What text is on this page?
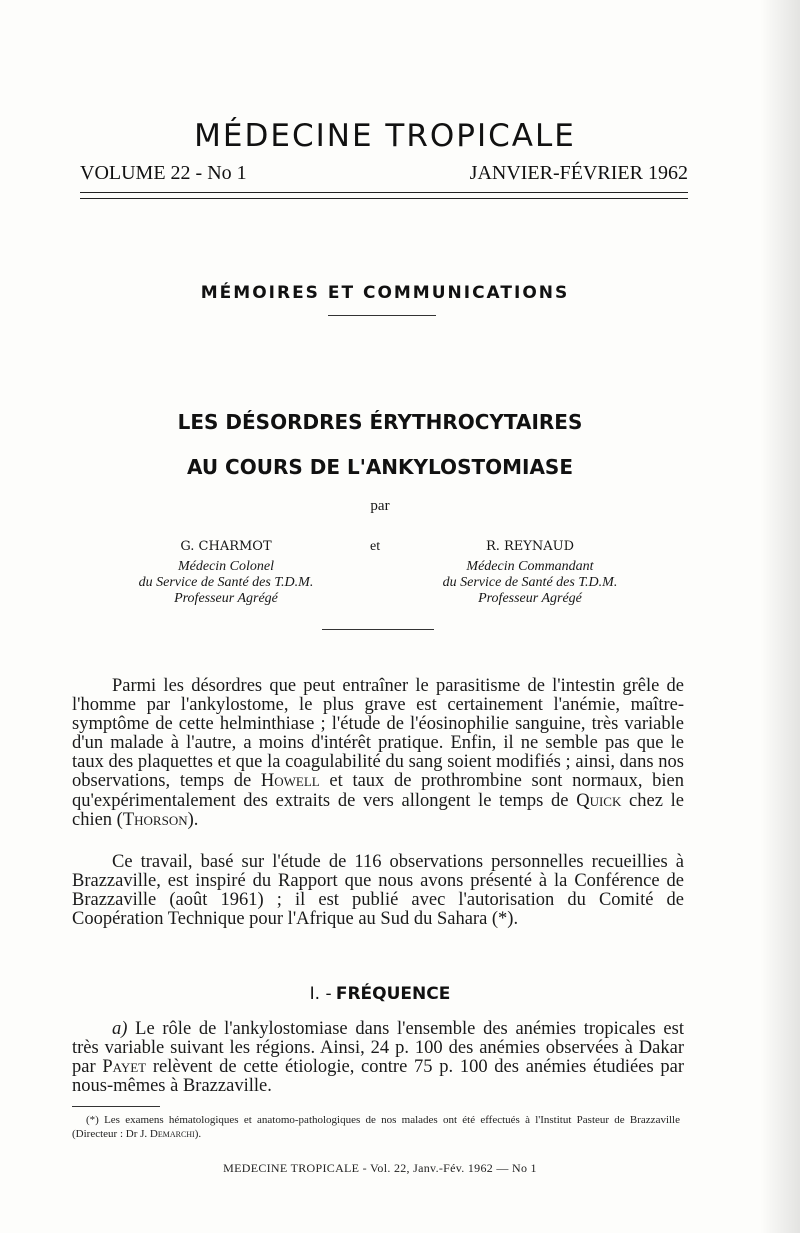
MÉDECINE TROPICALE
VOLUME 22 - No 1	JANVIER-FÉVRIER 1962
MÉMOIRES ET COMMUNICATIONS
LES DÉSORDRES ÉRYTHROCYTAIRES
AU COURS DE L'ANKYLOSTOMIASE
par
G. CHARMOT
Médecin Colonel
du Service de Santé des T.D.M.
Professeur Agrégé
et	R. REYNAUD
Médecin Commandant
du Service de Santé des T.D.M.
Professeur Agrégé

Parmi les désordres que peut entraîner le parasitisme de l'intestin grêle de l'homme par l'ankylostome, le plus grave est certainement l'anémie, maître-symptôme de cette helminthiase ; l'étude de l'éosinophilie sanguine, très variable d'un malade à l'autre, a moins d'intérêt pratique. Enfin, il ne semble pas que le taux des plaquettes et que la coagulabilité du sang soient modifiés ; ainsi, dans nos observations, temps de Howell et taux de prothrombine sont normaux, bien qu'expérimentalement des extraits de vers allongent le temps de Quick chez le chien (Thorson).

Ce travail, basé sur l'étude de 116 observations personnelles recueillies à Brazzaville, est inspiré du Rapport que nous avons présenté à la Conférence de Brazzaville (août 1961) ; il est publié avec l'autorisation du Comité de Coopération Technique pour l'Afrique au Sud du Sahara (*).

I. - FRÉQUENCE

a) Le rôle de l'ankylostomiase dans l'ensemble des anémies tropicales est très variable suivant les régions. Ainsi, 24 p. 100 des anémies observées à Dakar par Payet relèvent de cette étiologie, contre 75 p. 100 des anémies étudiées par nous-mêmes à Brazzaville.

(*) Les examens hématologiques et anatomo-pathologiques de nos malades ont été effectués à l'Institut Pasteur de Brazzaville (Directeur : Dr J. Demarchi).

MEDECINE TROPICALE - Vol. 22, Janv.-Fév. 1962 — No 1
